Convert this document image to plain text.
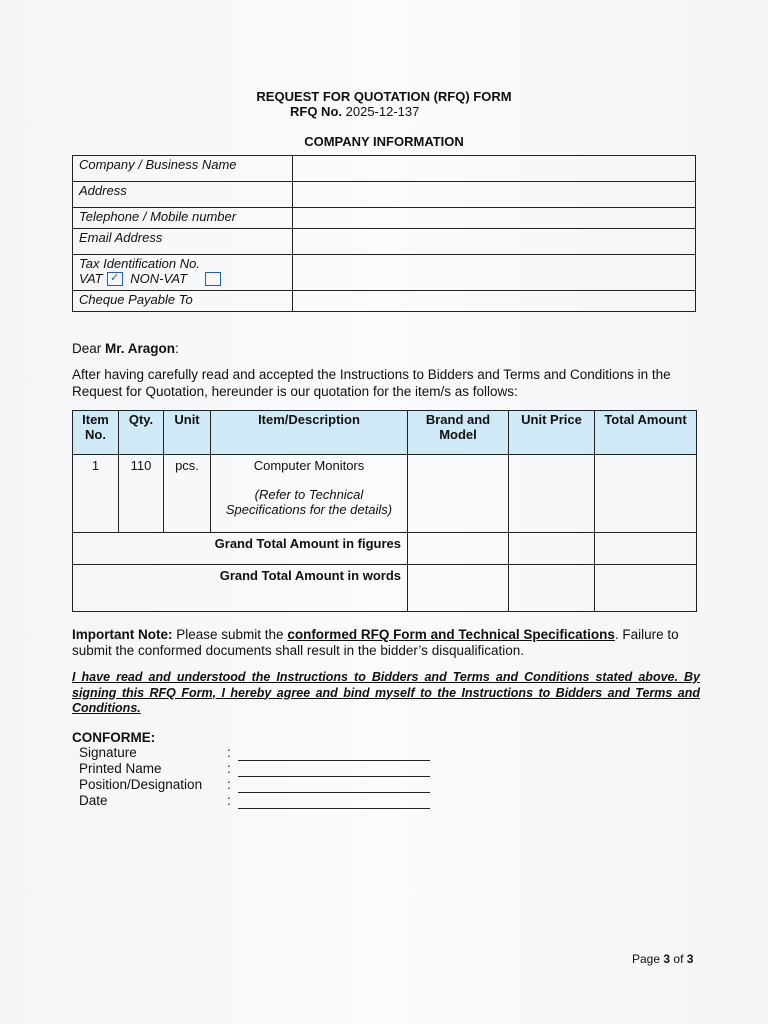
REQUEST FOR QUOTATION (RFQ) FORM
RFQ No. 2025-12-137
COMPANY INFORMATION
Company / Business Name	
Address	
Telephone / Mobile number	
Email Address	

Tax Identification No.
VAT ✓ NON-VAT	

Cheque Payable To	
Dear Mr. Aragon:
After having carefully read and accepted the Instructions to Bidders and Terms and Conditions in the Request for Quotation, hereunder is our quotation for the item/s as follows:
Item No.	Qty.	Unit	Item/Description	Brand and Model	Unit Price	Total Amount
1	110	pcs.	Computer Monitors
(Refer to Technical Specifications for the details)			

Grand Total Amount in figures						
Grand Total Amount in words						
Important Note: Please submit the conformed RFQ Form and Technical Specifications. Failure to submit the conformed documents shall result in the bidder’s disqualification.
I have read and understood the Instructions to Bidders and Terms and Conditions stated above. By signing this RFQ Form, I hereby agree and bind myself to the Instructions to Bidders and Terms and Conditions.
CONFORME:
Signature	:
Printed Name	:
Position/Designation :
Date	:
Page 3 of 3
